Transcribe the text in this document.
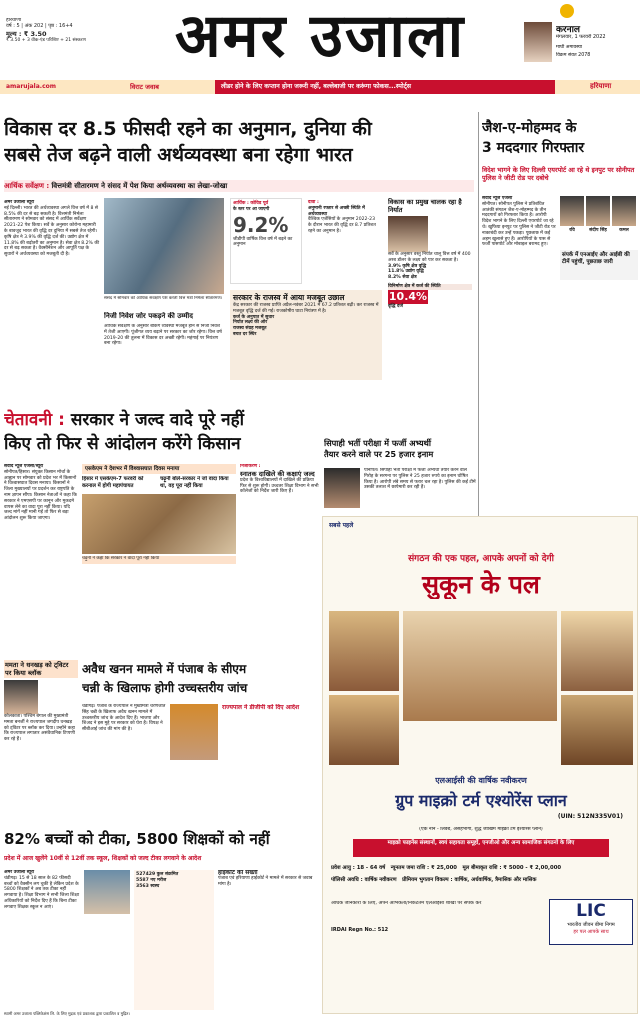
हरियाणा
वर्ष : 5 | अंक 202 | पृष्ठ : 16+4
मूल्य : ₹ 3.50
₹ 3.50 + 3 वीक-एंड परिशिष्ट + 21 संस्करण	अमर उजाला	करनाल
मंगलवार, 1 फरवरी 2022
माघी अमावस्या
विक्रम संवत 2078
amarujala.com	विराट जवाब	लीडर होने के लिए कप्तान होना जरूरी नहीं, बल्लेबाजी पर करूंगा फोकस...स्पोर्ट्स	हरियाणा
विकास दर 8.5 फीसदी रहने का अनुमान, दुनिया की
सबसे तेज बढ़ने वाली अर्थव्यवस्था बना रहेगा भारत
आर्थिक सर्वेक्षण : वित्तमंत्री सीतारमण ने संसद में पेश किया अर्थव्यवस्था का लेखा-जोखा
अमर उजाला ब्यूरो
नई दिल्ली। भारत की अर्थव्यवस्था अगले वित्त वर्ष में 8 से 8.5% की दर से बढ़ सकती है। वित्तमंत्री निर्मला सीतारमण ने सोमवार को संसद में आर्थिक सर्वेक्षण 2021-22 पेश किया। सर्वे के अनुसार कोरोना महामारी के बावजूद भारत की वृद्धि दर दुनिया में सबसे तेज रहेगी। कृषि क्षेत्र ने 3.9% की वृद्धि दर्ज की। उद्योग क्षेत्र में 11.8% की बढ़ोतरी का अनुमान है। सेवा क्षेत्र 8.2% की दर से बढ़ सकता है। वैक्सीनेशन और आपूर्ति पक्ष के सुधारों ने अर्थव्यवस्था को मजबूती दी है।
संसद में सोमवार को आर्थिक सर्वेक्षण पेश करतीं वित्त मंत्री निर्मला सीतारमण।
निजी निवेश जोर पकड़ने की उम्मीद
आर्थिक सर्वेक्षण के अनुसार बैंकिंग व्यवस्था मजबूत होने से निजी निवेश में तेजी आएगी। पूंजीगत व्यय बढ़ाने पर सरकार का जोर रहेगा। वित्त वर्ष 2019-20 की तुलना में विकास दर अच्छी रहेगी। महंगाई पर नियंत्रण बना रहेगा।
आर्थिक : कोविड पूर्व
के स्तर पर आ जाएगी
9.2%
जीडीपी वार्षिक वित्त वर्ष में बढ़ने का अनुमान
दावा :
अनुमानी रफ्तार से अच्छी स्थिति में अर्थव्यवस्था
वैश्विक एजेंसियों के अनुमान 2022-23 के दौरान भारत की वृद्धि दर 8.7 प्रतिशत रहने का अनुमान है।
सरकार के राजस्व में आया मजबूत उछाल
केंद्र सरकार की राजस्व प्राप्ति अप्रैल-नवंबर 2021 में 67.2 प्रतिशत बढ़ी। कर राजस्व में मजबूत वृद्धि दर्ज की गई। राजकोषीय घाटा नियंत्रण में है।
कर्ज के अनुपात में सुधार
निर्यात लक्ष्य की ओर
राजस्व संग्रह मजबूत
बचत दर स्थिर
विकास का प्रमुख चालक रहा है निर्यात
सर्वे के अनुसार वस्तु निर्यात चालू वित्त वर्ष में 400 अरब डॉलर के लक्ष्य को पार कर सकता है।
3.9% कृषि क्षेत्र वृद्धि
11.8% उद्योग वृद्धि
8.2% सेवा क्षेत्र
विनिर्माण क्षेत्र में कर्ज की स्थिति
10.4%
वृद्धि दर्ज
जैश-ए-मोहम्मद के
3 मददगार गिरफ्तार
विदेश भागने के लिए दिल्ली एयरपोर्ट आ रहे थे इनपुट पर सोनीपत पुलिस ने जीटी रोड पर दबोचे
संवाद न्यूज एजेंसी
सोनीपत। सोनीपत पुलिस ने प्रतिबंधित आतंकी संगठन जैश-ए-मोहम्मद के तीन मददगारों को गिरफ्तार किया है। आरोपी विदेश भागने के लिए दिल्ली एयरपोर्ट जा रहे थे। खुफिया इनपुट पर पुलिस ने जीटी रोड पर नाकाबंदी कर उन्हें पकड़ा। पूछताछ में कई अहम खुलासे हुए हैं। आरोपियों के पास से फर्जी पासपोर्ट और मोबाइल बरामद हुए।
रवि	संदीप सिंह	कमल
संपर्क में एनआईए और आईबी की टीमें पहुंचीं, पूछताछ जारी
चेतावनी : सरकार ने जल्द वादे पूरे नहीं
किए तो फिर से आंदोलन करेंगे किसान
संवाद न्यूज एजेंसी/ब्यूरो
सोनीपत/हिसार। संयुक्त किसान मोर्चा के आह्वान पर सोमवार को प्रदेश भर में किसानों ने विश्वासघात दिवस मनाया। किसानों ने जिला मुख्यालयों पर प्रदर्शन कर राष्ट्रपति के नाम ज्ञापन सौंपा। किसान नेताओं ने कहा कि सरकार ने एमएसपी पर कानून और मुकदमे वापस लेने का वादा पूरा नहीं किया। यदि जल्द मांगें नहीं मानी गईं तो फिर से बड़ा आंदोलन शुरू किया जाएगा।
एसकेएम ने देशभर में विश्वासघात दिवस मनाया
हिसार में एसकेएम-7 फरवरी को करनाल में होगी महापंचायत
चढ़ूनी बोले-सरकार ने जो वादा किया था, वह पूरा नहीं किया
चढ़ूनी ने कहा कि सरकार ने वादा पूरा नहीं किया
निजीकरण :
स्नातक दाखिले की कक्षाएं जल्द
प्रदेश के विश्वविद्यालयों में दाखिले की प्रक्रिया फिर से शुरू होगी। उच्चतर शिक्षा विभाग ने सभी कॉलेजों को निर्देश जारी किए हैं।
सिपाही भर्ती परीक्षा में फर्जी अभ्यर्थी
तैयार करने वाले पर 25 हजार इनाम
पानीपत। सिपाही भर्ती परीक्षा में फर्जी अभ्यर्थी तैयार करने वाले गिरोह के सरगना पर पुलिस ने 25 हजार रुपये का इनाम घोषित किया है। आरोपी लंबे समय से फरार चल रहा है। पुलिस की कई टीमें उसकी तलाश में छापेमारी कर रही हैं।
सबसे पहले
संगठन की एक पहल, आपके अपनों को देगी
सुकून के पल
एलआईसी की वार्षिक नवीकरण
ग्रुप माइक्रो टर्म एश्योरेंस प्लान
(UIN: 512N335V01)
(एक नॉन - लिंक्ड, असहभागी, शुद्ध जोखिम माइक्रो टर्म इंश्योरेंस प्लान)
माइक्रो फाइनेंस संस्थानों, स्वयं सहायता समूहों, एनजीओ और अन्य सामाजिक संगठनों के लिए
प्रवेश आयु : 18 - 64 वर्ष न्यूनतम जमा राशि : ₹ 25,000 मूल बीमाकृत राशि : ₹ 5000 - ₹ 2,00,000
पॉलिसी अवधि : वार्षिक नवीकरण प्रीमियम भुगतान विकल्प : वार्षिक, अर्धवार्षिक, त्रैमासिक और मासिक
अधिक जानकारी के लिए, अपने अभिकर्ता/निकटतम एलआईसी शाखा पर संपर्क करें
IRDAI Regn No.: 512
LIC
भारतीय जीवन बीमा निगम
हर पल आपके साथ
ममता ने धनखड़ को ट्विटर पर किया ब्लॉक
कोलकाता। पश्चिम बंगाल की मुख्यमंत्री ममता बनर्जी ने राज्यपाल जगदीप धनखड़ को ट्विटर पर ब्लॉक कर दिया। उन्होंने कहा कि राज्यपाल लगातार असंवैधानिक टिप्पणी कर रहे हैं।
अवैध खनन मामले में पंजाब के सीएम
चन्नी के खिलाफ होगी उच्चस्तरीय जांच
चंडीगढ़। पंजाब के राज्यपाल ने मुख्यमंत्री चरणजीत सिंह चन्नी के खिलाफ अवैध खनन मामले में उच्चस्तरीय जांच के आदेश दिए हैं। भाजपा और शिअद ने इस मुद्दे पर सरकार को घेरा है। विपक्ष ने सीबीआई जांच की मांग की है।
राज्यपाल ने डीजीपी को दिए आदेश
82% बच्चों को टीका, 5800 शिक्षकों को नहीं
प्रदेश में आज खुलेंगे 10वीं से 12वीं तक स्कूल, शिक्षकों को जल्द टीका लगवाने के आदेश
अमर उजाला ब्यूरो
चंडीगढ़। 15 से 18 साल के 82 फीसदी बच्चों को वैक्सीन लग चुकी है लेकिन प्रदेश के 5800 शिक्षकों ने अब तक टीका नहीं लगवाया है। शिक्षा विभाग ने सभी जिला शिक्षा अधिकारियों को निर्देश दिए हैं कि बिना टीका लगवाए शिक्षक स्कूल न आएं।
527429 कुल संक्रमित
5587 नए मरीज
3563 स्वस्थ
हाईकोर्ट की सख्ती
पंजाब एवं हरियाणा हाईकोर्ट ने मामले में सरकार से जवाब मांगा है।
स्वामी अमर उजाला पब्लिकेशंस लि. के लिए मुद्रक एवं प्रकाशक द्वारा प्रकाशित व मुद्रित।
